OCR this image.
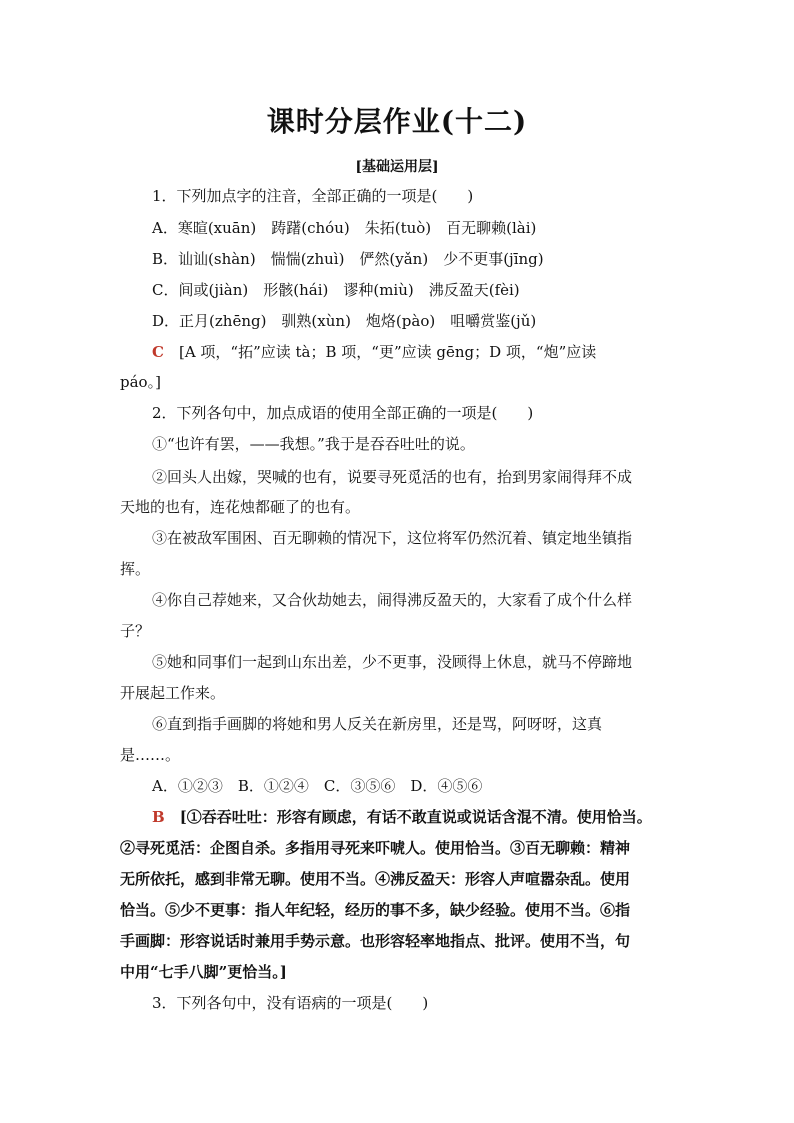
课时分层作业(十二)
[基础运用层]
1．下列加点字的注音，全部正确的一项是(　　)
A．寒暄(xuān)　踌躇(chóu)　朱拓(tuò)　百无聊赖(lài)
B．讪讪(shàn)　惴惴(zhuì)　俨然(yǎn)　少不更事(jīng)
C．间或(jiàn)　形骸(hái)　谬种(miù)　沸反盈天(fèi)
D．正月(zhēng)　驯熟(xùn)　炮烙(pào)　咀嚼赏鉴(jǔ)
C　 [A 项，“拓”应读 tà；B 项，“更”应读 gēng；D 项，“炮”应读
páo。]
2．下列各句中，加点成语的使用全部正确的一项是(　　)
①“也许有罢，——我想。”我于是吞吞吐吐的说。
②回头人出嫁，哭喊的也有，说要寻死觅活的也有，抬到男家闹得拜不成
天地的也有，连花烛都砸了的也有。
③在被敌军围困、百无聊赖的情况下，这位将军仍然沉着、镇定地坐镇指
挥。
④你自己荐她来，又合伙劫她去，闹得沸反盈天的，大家看了成个什么样
子？
⑤她和同事们一起到山东出差，少不更事，没顾得上休息，就马不停蹄地
开展起工作来。
⑥直到指手画脚的将她和男人反关在新房里，还是骂，阿呀呀，这真
是……。
A．①②③　B．①②④　C．③⑤⑥　D．④⑤⑥
B　 [①吞吞吐吐：形容有顾虑，有话不敢直说或说话含混不清。使用恰当。
②寻死觅活：企图自杀。多指用寻死来吓唬人。使用恰当。③百无聊赖：精神
无所依托，感到非常无聊。使用不当。④沸反盈天：形容人声喧嚣杂乱。使用
恰当。⑤少不更事：指人年纪轻，经历的事不多，缺少经验。使用不当。⑥指
手画脚：形容说话时兼用手势示意。也形容轻率地指点、批评。使用不当，句
中用“七手八脚”更恰当。]
3．下列各句中，没有语病的一项是(　　)
